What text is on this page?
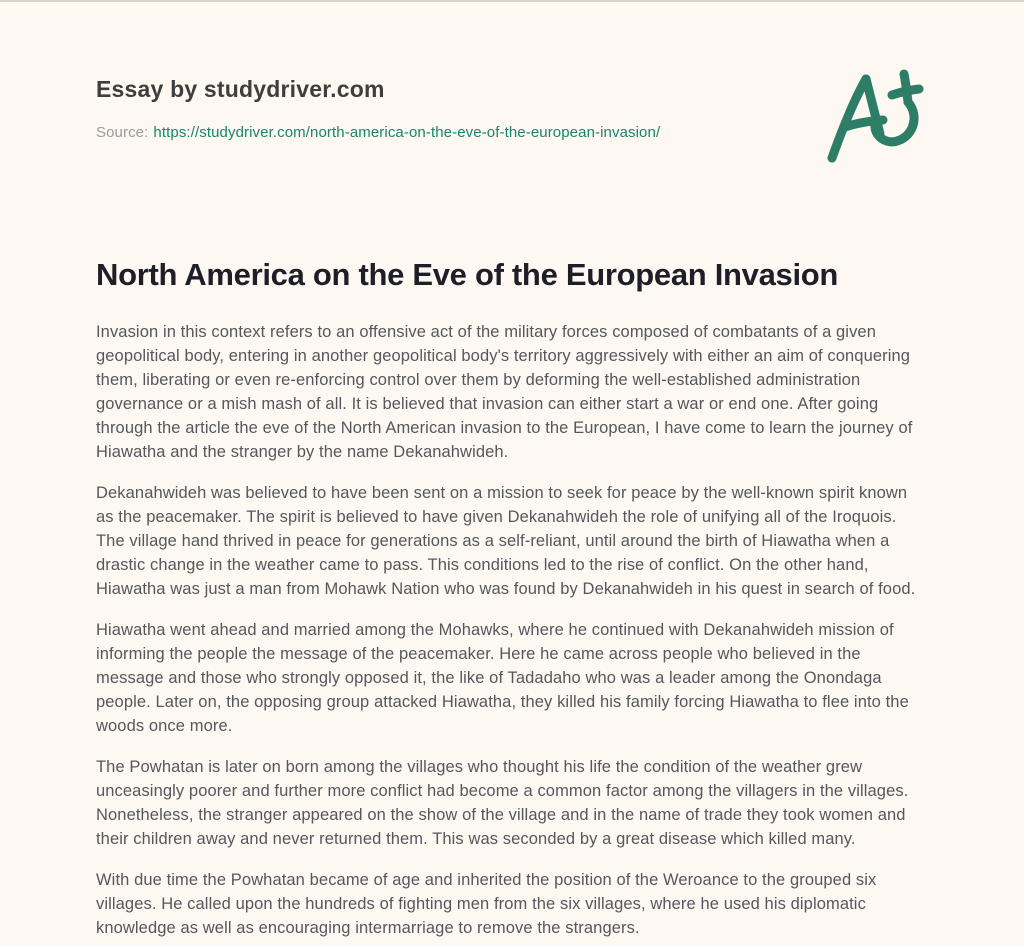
Essay by studydriver.com
Source: https://studydriver.com/north-america-on-the-eve-of-the-european-invasion/
North America on the Eve of the European Invasion

Invasion in this context refers to an offensive act of the military forces composed of combatants of a given geopolitical body, entering in another geopolitical body's territory aggressively with either an aim of conquering them, liberating or even re-enforcing control over them by deforming the well-established administration governance or a mish mash of all. It is believed that invasion can either start a war or end one. After going through the article the eve of the North American invasion to the European, I have come to learn the journey of Hiawatha and the stranger by the name Dekanahwideh.

Dekanahwideh was believed to have been sent on a mission to seek for peace by the well-known spirit known as the peacemaker. The spirit is believed to have given Dekanahwideh the role of unifying all of the Iroquois. The village hand thrived in peace for generations as a self-reliant, until around the birth of Hiawatha when a drastic change in the weather came to pass. This conditions led to the rise of conflict. On the other hand, Hiawatha was just a man from Mohawk Nation who was found by Dekanahwideh in his quest in search of food.

Hiawatha went ahead and married among the Mohawks, where he continued with Dekanahwideh mission of informing the people the message of the peacemaker. Here he came across people who believed in the message and those who strongly opposed it, the like of Tadadaho who was a leader among the Onondaga people. Later on, the opposing group attacked Hiawatha, they killed his family forcing Hiawatha to flee into the woods once more.

The Powhatan is later on born among the villages who thought his life the condition of the weather grew unceasingly poorer and further more conflict had become a common factor among the villagers in the villages. Nonetheless, the stranger appeared on the show of the village and in the name of trade they took women and their children away and never returned them. This was seconded by a great disease which killed many.

With due time the Powhatan became of age and inherited the position of the Weroance to the grouped six villages. He called upon the hundreds of fighting men from the six villages, where he used his diplomatic knowledge as well as encouraging intermarriage to remove the strangers.
